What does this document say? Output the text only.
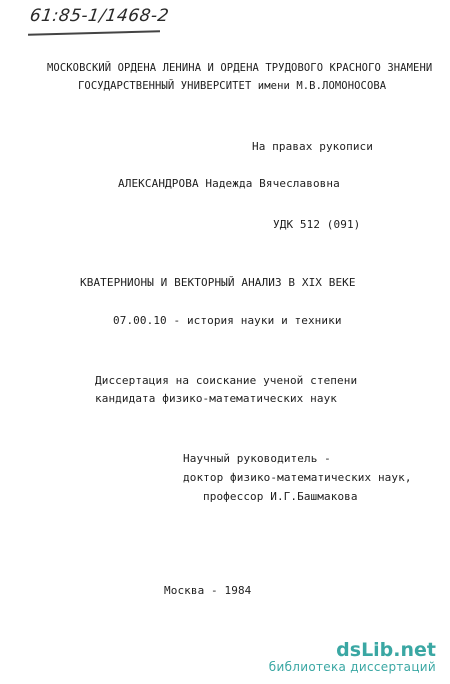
61:85-1/1468-2
МОСКОВСКИЙ ОРДЕНА ЛЕНИНА И ОРДЕНА ТРУДОВОГО КРАСНОГО ЗНАМЕНИ
ГОСУДАРСТВЕННЫЙ УНИВЕРСИТЕТ имени М.В.ЛОМОНОСОВА
На правах рукописи
АЛЕКСАНДРОВА Надежда Вячеславовна
УДК 512 (091)
КВАТЕРНИОНЫ И ВЕКТОРНЫЙ АНАЛИЗ В XIX ВЕКЕ
07.00.10 - история науки и техники
Диссертация на соискание ученой степени
кандидата физико-математических наук
Научный руководитель -
доктор физико-математических наук,
профессор И.Г.Башмакова
Москва - 1984
dsLib.net
библиотека диссертаций
